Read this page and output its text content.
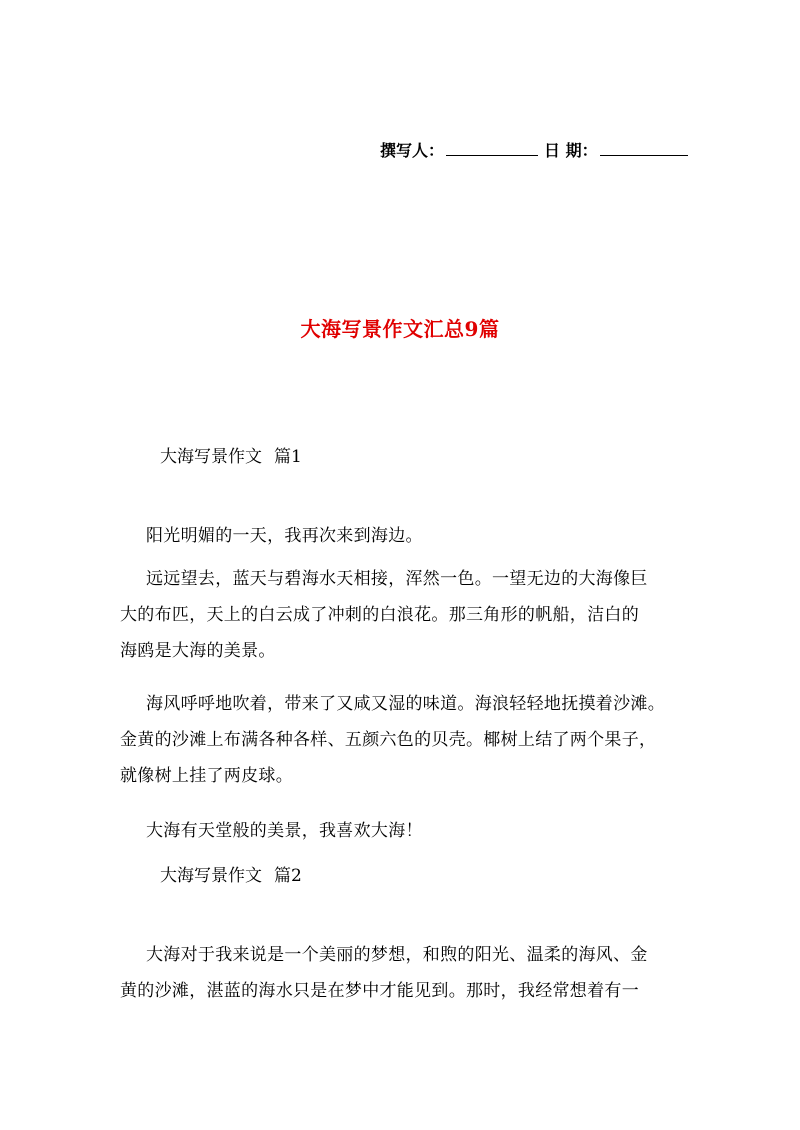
撰写人：	日 期：
大海写景作文汇总9篇
大海写景作文 篇1

阳光明媚的一天，我再次来到海边。

远远望去，蓝天与碧海水天相接，浑然一色。一望无边的大海像巨
大的布匹，天上的白云成了冲刺的白浪花。那三角形的帆船，洁白的
海鸥是大海的美景。

海风呼呼地吹着，带来了又咸又湿的味道。海浪轻轻地抚摸着沙滩。
金黄的沙滩上布满各种各样、五颜六色的贝壳。椰树上结了两个果子，
就像树上挂了两皮球。

大海有天堂般的美景，我喜欢大海！

大海写景作文 篇2

大海对于我来说是一个美丽的梦想，和煦的阳光、温柔的海风、金
黄的沙滩，湛蓝的海水只是在梦中才能见到。那时，我经常想着有一
